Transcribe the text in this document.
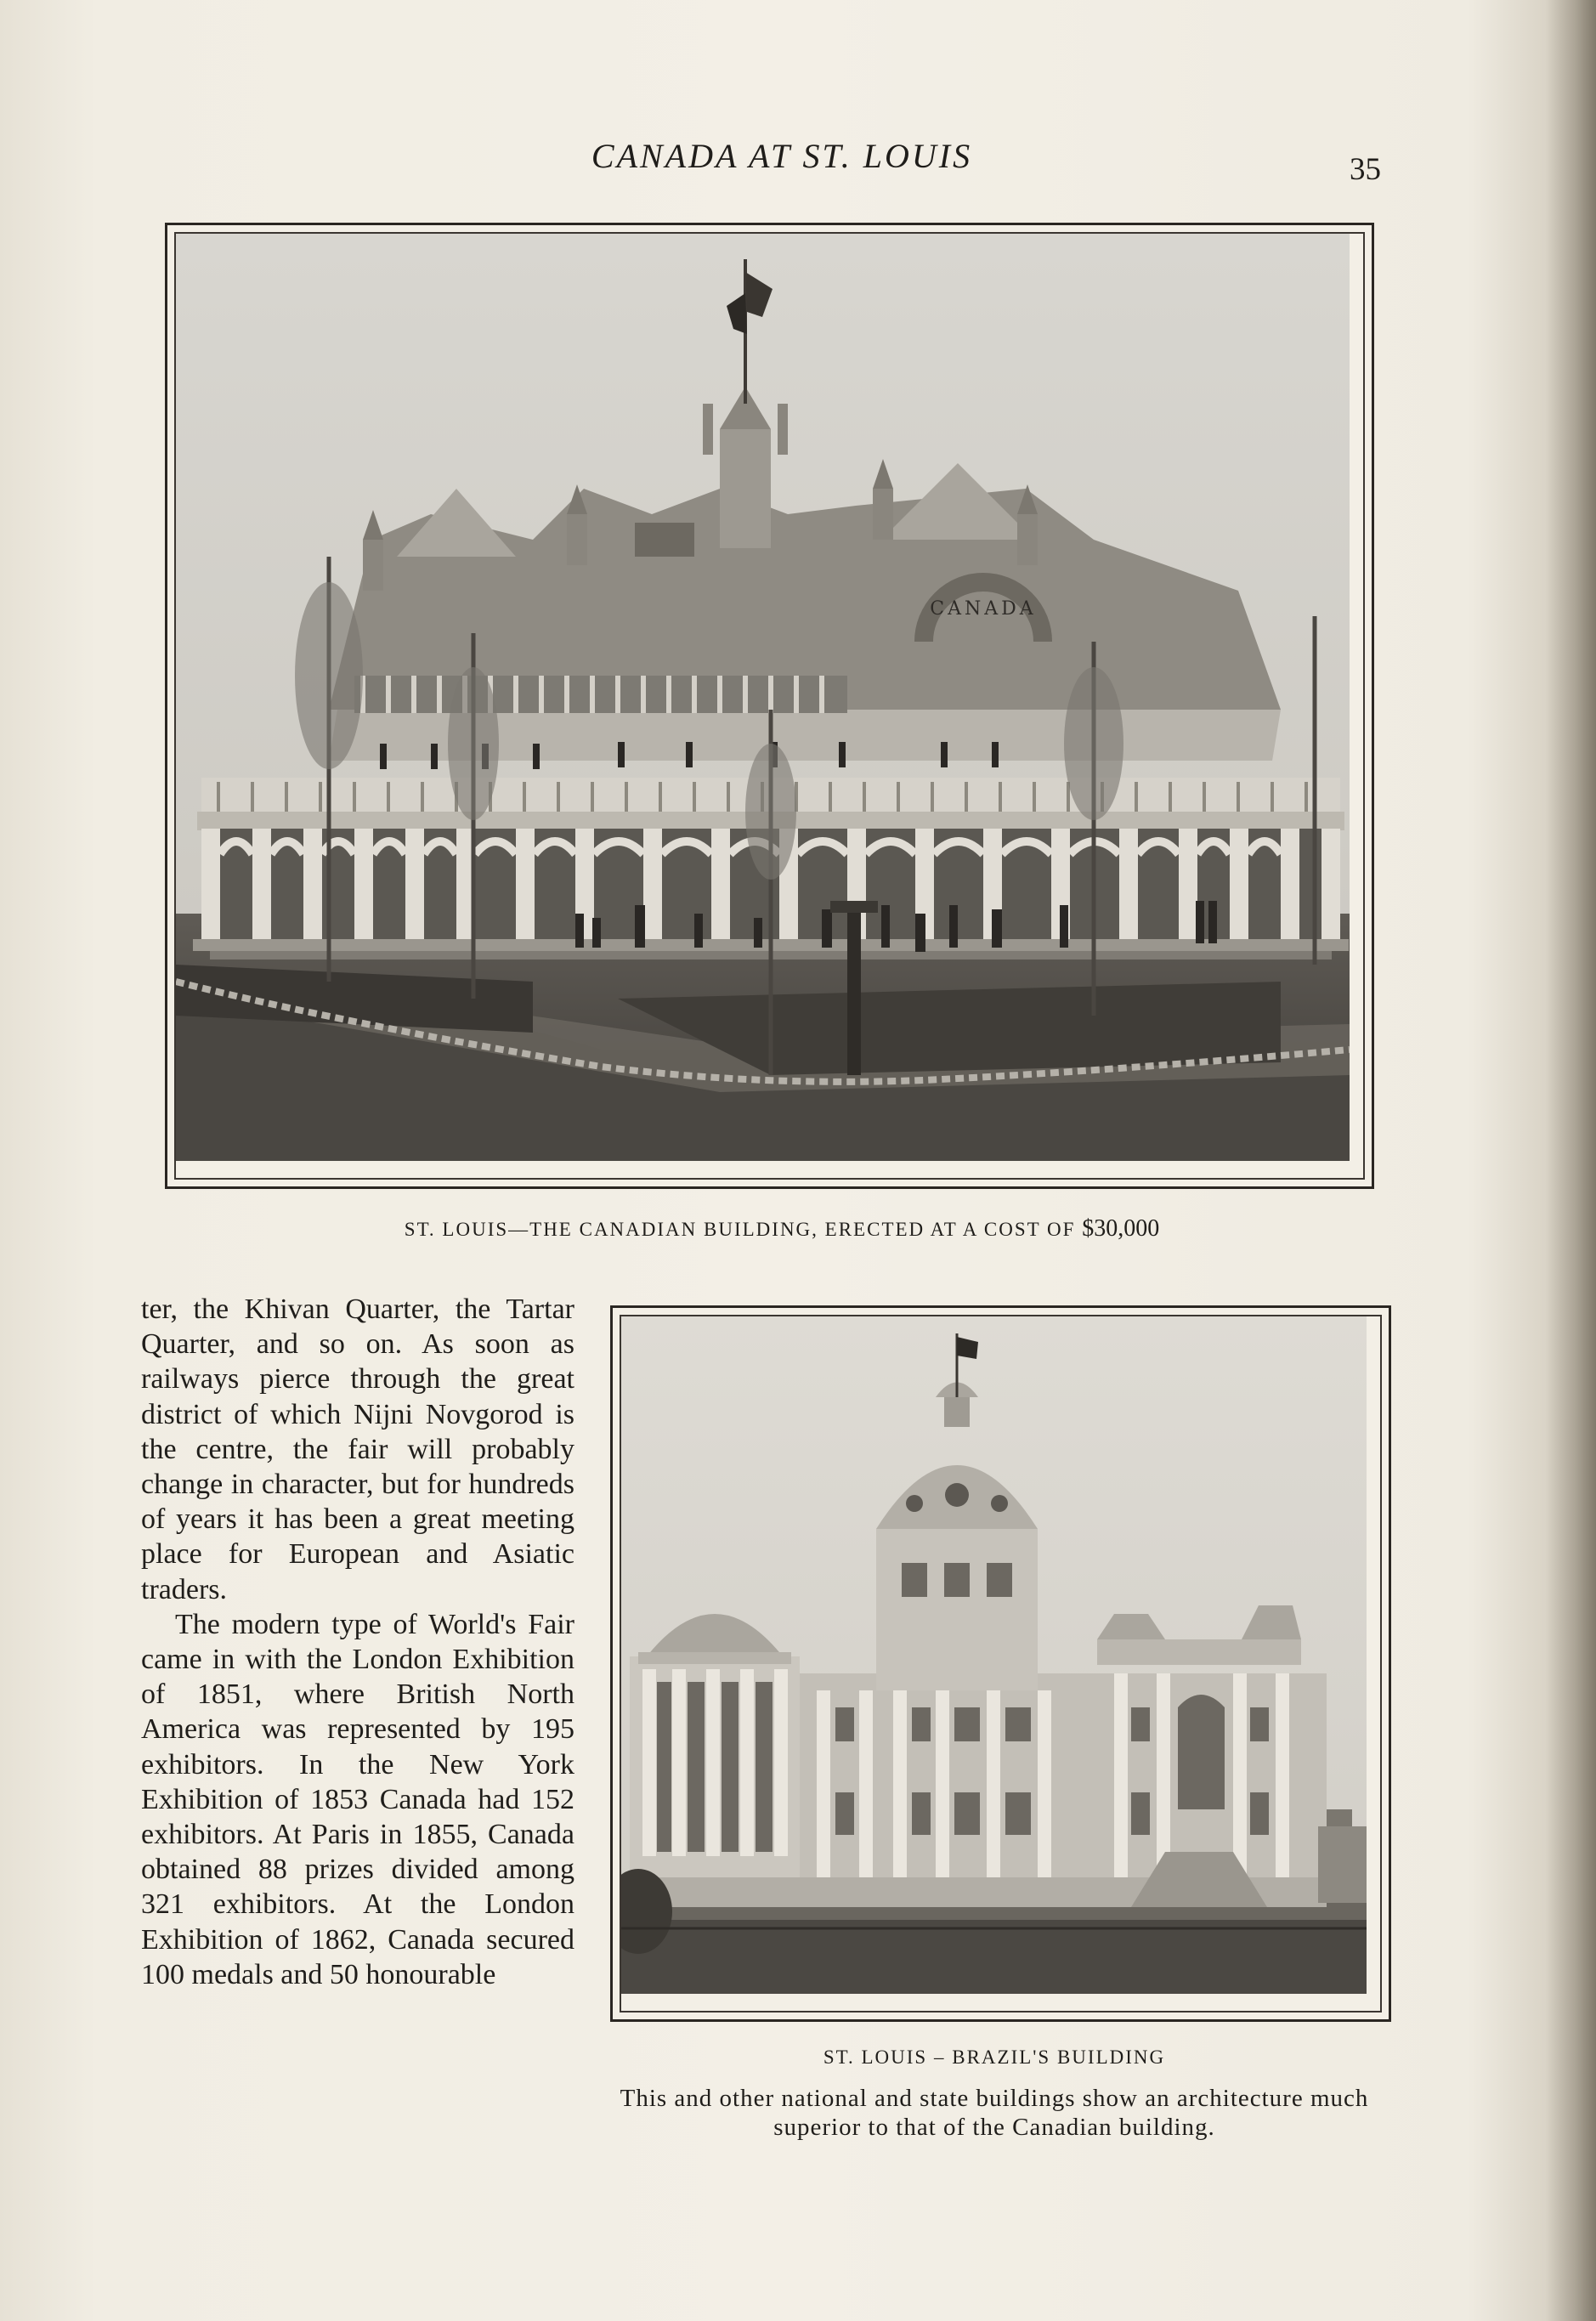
CANADA AT ST. LOUIS	35
CANADA
ST. LOUIS—THE CANADIAN BUILDING, ERECTED AT A COST OF $30,000

ter, the Khivan Quarter, the Tartar Quarter, and so on. As soon as railways pierce through the great district of which Nijni Novgorod is the centre, the fair will probably change in character, but for hundreds of years it has been a great meeting place for European and Asiatic traders.

The modern type of World's Fair came in with the London Exhibition of 1851, where British North America was represented by 195 exhibitors. In the New York Exhibition of 1853 Canada had 152 exhibitors. At Paris in 1855, Canada obtained 88 prizes divided among 321 exhibitors. At the London Exhibition of 1862, Canada secured 100 medals and 50 honourable

ST. LOUIS – BRAZIL'S BUILDING
This and other national and state buildings show an architecture much superior to that of the Canadian building.
